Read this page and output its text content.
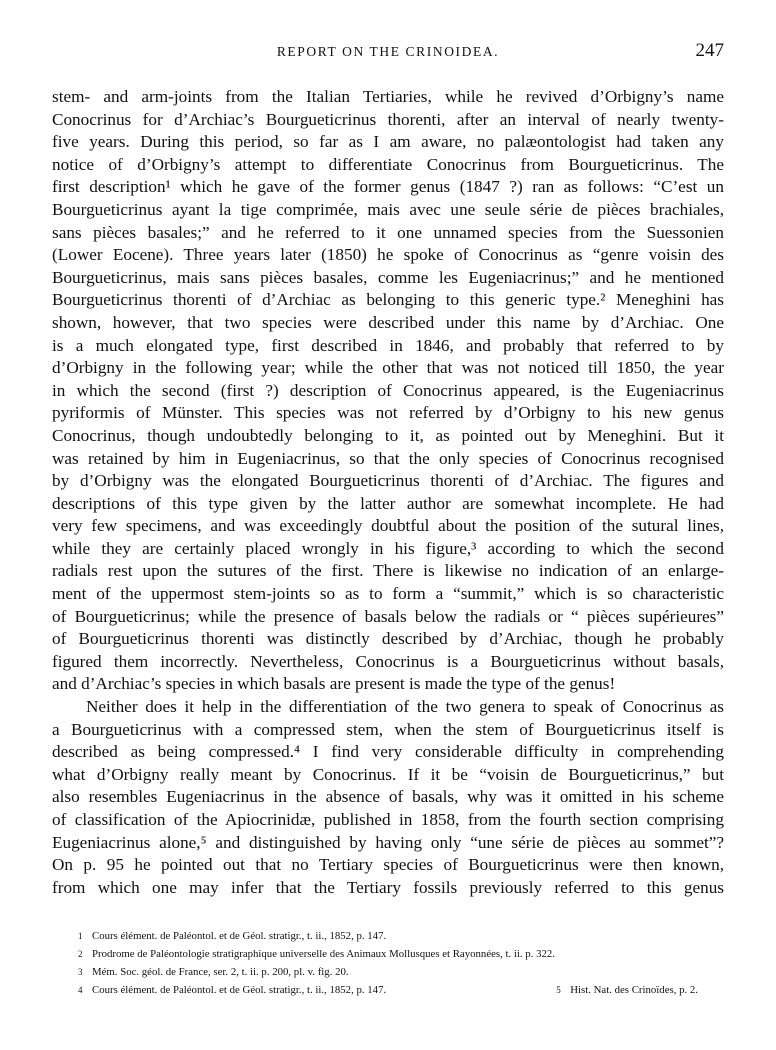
REPORT ON THE CRINOIDEA.	247
stem- and arm-joints from the Italian Tertiaries, while he revived d’Orbigny’s name
Conocrinus for d’Archiac’s Bourgueticrinus thorenti, after an interval of nearly twenty-
five years. During this period, so far as I am aware, no palæontologist had taken any
notice of d’Orbigny’s attempt to differentiate Conocrinus from Bourgueticrinus. The
first description¹ which he gave of the former genus (1847 ?) ran as follows: “C’est un
Bourgueticrinus ayant la tige comprimée, mais avec une seule série de pièces brachiales,
sans pièces basales;” and he referred to it one unnamed species from the Suessonien
(Lower Eocene). Three years later (1850) he spoke of Conocrinus as “genre voisin des
Bourgueticrinus, mais sans pièces basales, comme les Eugeniacrinus;” and he mentioned
Bourgueticrinus thorenti of d’Archiac as belonging to this generic type.² Meneghini has
shown, however, that two species were described under this name by d’Archiac. One
is a much elongated type, first described in 1846, and probably that referred to by
d’Orbigny in the following year; while the other that was not noticed till 1850, the year
in which the second (first ?) description of Conocrinus appeared, is the Eugeniacrinus
pyriformis of Münster. This species was not referred by d’Orbigny to his new genus
Conocrinus, though undoubtedly belonging to it, as pointed out by Meneghini. But it
was retained by him in Eugeniacrinus, so that the only species of Conocrinus recognised
by d’Orbigny was the elongated Bourgueticrinus thorenti of d’Archiac. The figures and
descriptions of this type given by the latter author are somewhat incomplete. He had
very few specimens, and was exceedingly doubtful about the position of the sutural lines,
while they are certainly placed wrongly in his figure,³ according to which the second
radials rest upon the sutures of the first. There is likewise no indication of an enlarge-
ment of the uppermost stem-joints so as to form a “summit,” which is so characteristic
of Bourgueticrinus; while the presence of basals below the radials or “ pièces supérieures”
of Bourgueticrinus thorenti was distinctly described by d’Archiac, though he probably
figured them incorrectly. Nevertheless, Conocrinus is a Bourgueticrinus without basals,
and d’Archiac’s species in which basals are present is made the type of the genus!
Neither does it help in the differentiation of the two genera to speak of Conocrinus as
a Bourgueticrinus with a compressed stem, when the stem of Bourgueticrinus itself is
described as being compressed.⁴ I find very considerable difficulty in comprehending
what d’Orbigny really meant by Conocrinus. If it be “voisin de Bourgueticrinus,” but
also resembles Eugeniacrinus in the absence of basals, why was it omitted in his scheme
of classification of the Apiocrinidæ, published in 1858, from the fourth section comprising
Eugeniacrinus alone,⁵ and distinguished by having only “une série de pièces au sommet”?
On p. 95 he pointed out that no Tertiary species of Bourgueticrinus were then known,
from which one may infer that the Tertiary fossils previously referred to this genus
1 Cours élément. de Paléontol. et de Géol. stratigr., t. ii., 1852, p. 147.
2 Prodrome de Paléontologie stratigraphique universelle des Animaux Mollusques et Rayonnées, t. ii. p. 322.
3 Mém. Soc. géol. de France, ser. 2, t. ii. p. 200, pl. v. fig. 20.
4 Cours élément. de Paléontol. et de Géol. stratigr., t. ii., 1852, p. 147.	5 Hist. Nat. des Crinoïdes, p. 2.
